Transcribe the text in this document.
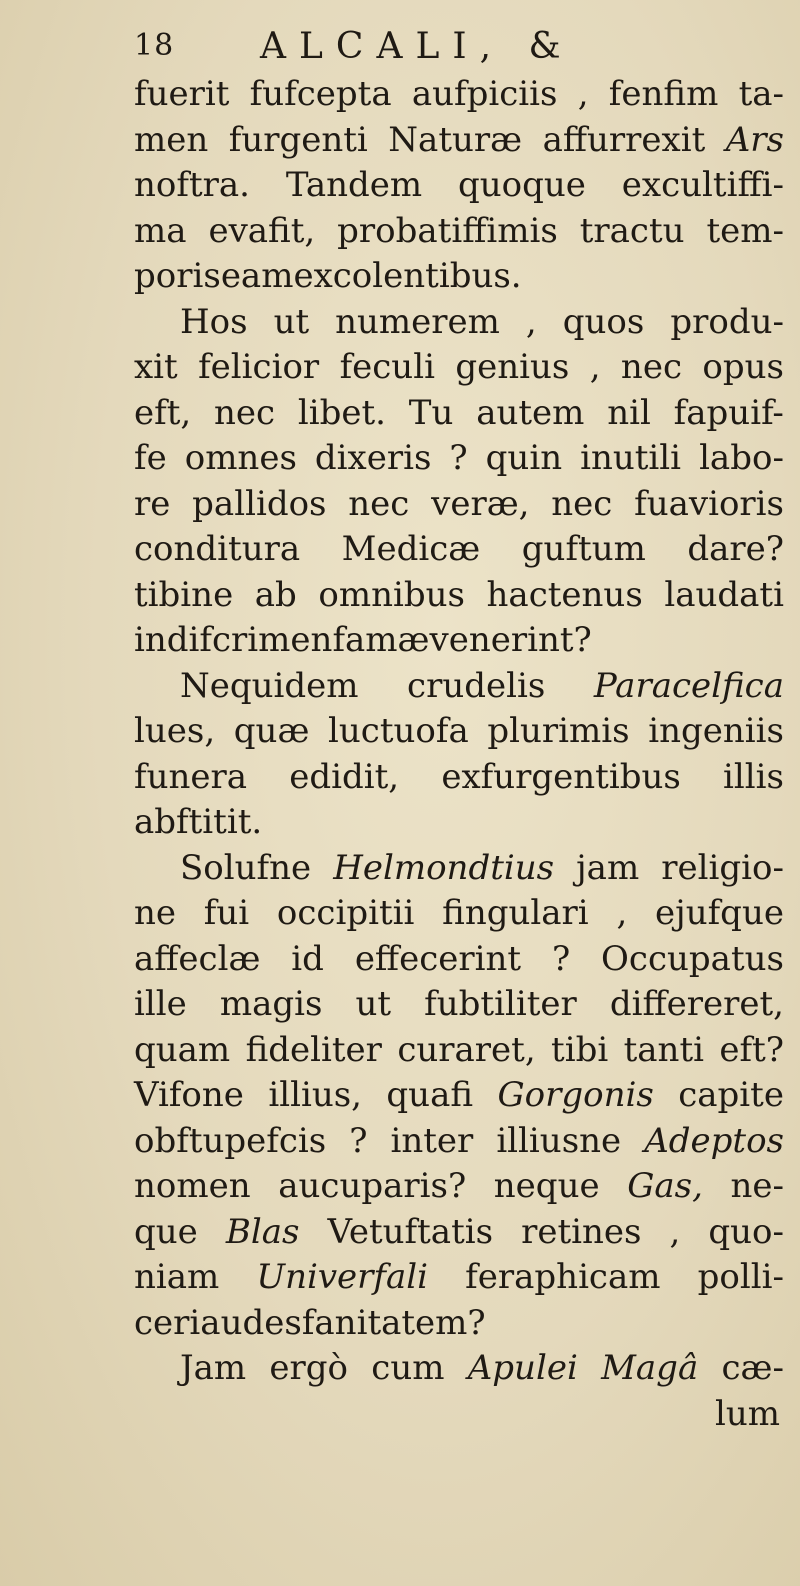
18 ALCALI, &
fuerit fufcepta aufpiciis , fenfim ta-
men furgenti Naturæ affurrexit Ars
noftra. Tandem quoque excultiffi-
ma evafit, probatiffimis tractu tem-
poris eam excolentibus.
Hos ut numerem , quos produ-
xit felicior feculi genius , nec opus
eft, nec libet. Tu autem nil fapuif-
fe omnes dixeris ? quin inutili labo-
re pallidos nec veræ, nec fuavioris
conditura Medicæ guftum dare?
tibine ab omnibus hactenus laudati
in difcrimen famæ venerint?
Nequidem crudelis Paracelfica
lues, quæ luctuofa plurimis ingeniis
funera edidit, exfurgentibus illis
abftitit.
Solufne Helmondtius jam religio-
ne fui occipitii fingulari , ejufque
affeclæ id effecerint ? Occupatus
ille magis ut fubtiliter differeret,
quam fideliter curaret, tibi tanti eft?
Vifone illius, quafi Gorgonis capite
obftupefcis ? inter illiusne Adeptos
nomen aucuparis? neque Gas, ne-
que Blas Vetuftatis retines , quo-
niam Univerfali feraphicam polli-
ceri audes fanitatem ?
Jam ergò cum Apulei Magâ cæ-
lum
